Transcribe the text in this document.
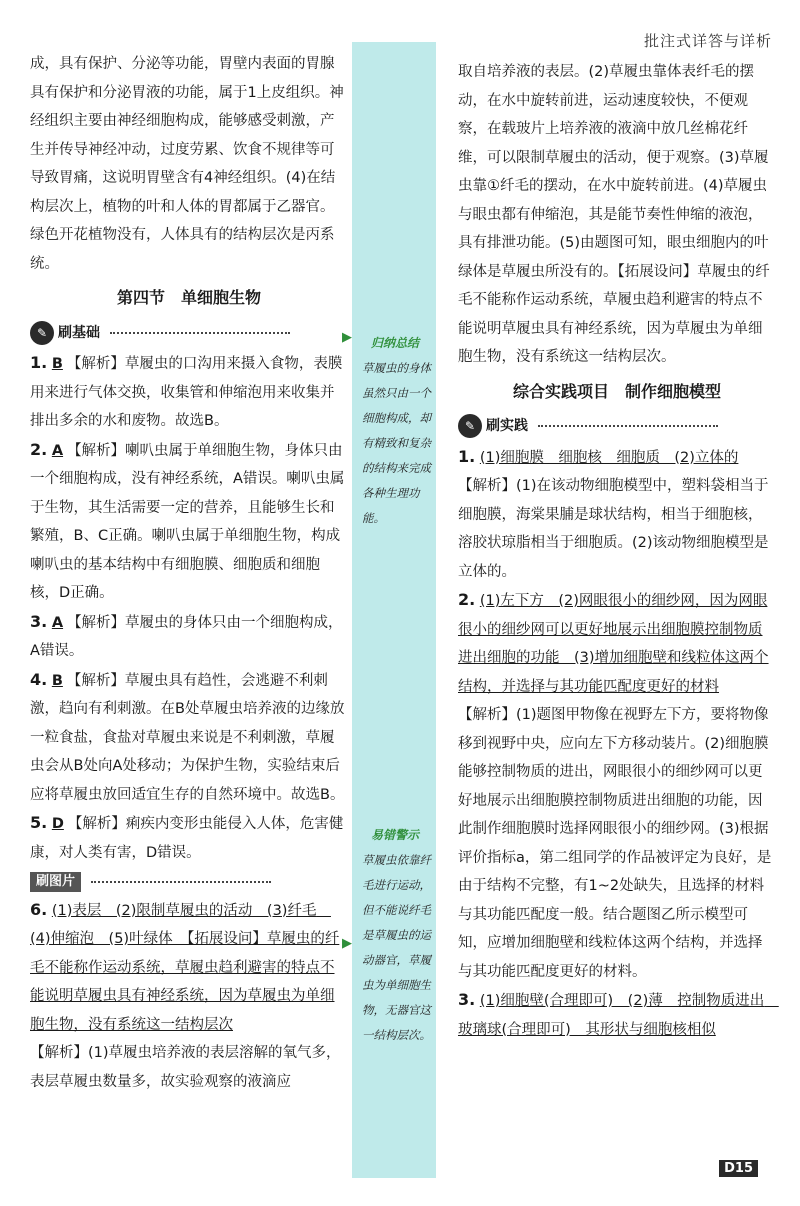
批注式详答与详析
▶	归纳总结
草履虫的身体虽然只由一个细胞构成，却有精致和复杂的结构来完成各种生理功能。
易错警示
▶
草履虫依靠纤毛进行运动，但不能说纤毛是草履虫的运动器官，草履虫为单细胞生物，无器官这一结构层次。

成，具有保护、分泌等功能，胃壁内表面的胃腺具有保护和分泌胃液的功能，属于1上皮组织。神经组织主要由神经细胞构成，能够感受刺激，产生并传导神经冲动，过度劳累、饮食不规律等可导致胃痛，这说明胃壁含有4神经组织。(4)在结构层次上，植物的叶和人体的胃都属于乙器官。绿色开花植物没有，人体具有的结构层次是丙系统。

第四节　单细胞生物
✎ 刷基础

1. B 【解析】草履虫的口沟用来摄入食物，表膜用来进行气体交换，收集管和伸缩泡用来收集并排出多余的水和废物。故选B。

2. A 【解析】喇叭虫属于单细胞生物，身体只由一个细胞构成，没有神经系统，A错误。喇叭虫属于生物，其生活需要一定的营养，且能够生长和繁殖，B、C正确。喇叭虫属于单细胞生物，构成喇叭虫的基本结构中有细胞膜、细胞质和细胞核，D正确。

3. A 【解析】草履虫的身体只由一个细胞构成，A错误。

4. B 【解析】草履虫具有趋性，会逃避不利刺激，趋向有利刺激。在B处草履虫培养液的边缘放一粒食盐，食盐对草履虫来说是不利刺激，草履虫会从B处向A处移动；为保护生物，实验结束后应将草履虫放回适宜生存的自然环境中。故选B。

5. D 【解析】痢疾内变形虫能侵入人体，危害健康，对人类有害，D错误。

刷图片

6. (1)表层　(2)限制草履虫的活动　(3)纤毛　(4)伸缩泡　(5)叶绿体　【拓展设问】草履虫的纤毛不能称作运动系统，草履虫趋利避害的特点不能说明草履虫具有神经系统，因为草履虫为单细胞生物，没有系统这一结构层次

【解析】(1)草履虫培养液的表层溶解的氧气多，表层草履虫数量多，故实验观察的液滴应

取自培养液的表层。(2)草履虫靠体表纤毛的摆动，在水中旋转前进，运动速度较快，不便观察，在载玻片上培养液的液滴中放几丝棉花纤维，可以限制草履虫的活动，便于观察。(3)草履虫靠①纤毛的摆动，在水中旋转前进。(4)草履虫与眼虫都有伸缩泡，其是能节奏性伸缩的液泡，具有排泄功能。(5)由题图可知，眼虫细胞内的叶绿体是草履虫所没有的。【拓展设问】草履虫的纤毛不能称作运动系统，草履虫趋利避害的特点不能说明草履虫具有神经系统，因为草履虫为单细胞生物，没有系统这一结构层次。

综合实践项目　制作细胞模型
✎ 刷实践

1. (1)细胞膜　细胞核　细胞质　(2)立体的

【解析】(1)在该动物细胞模型中，塑料袋相当于细胞膜，海棠果脯是球状结构，相当于细胞核，溶胶状琼脂相当于细胞质。(2)该动物细胞模型是立体的。

2. (1)左下方　(2)网眼很小的细纱网，因为网眼很小的细纱网可以更好地展示出细胞膜控制物质进出细胞的功能　(3)增加细胞壁和线粒体这两个结构，并选择与其功能匹配度更好的材料

【解析】(1)题图甲物像在视野左下方，要将物像移到视野中央，应向左下方移动装片。(2)细胞膜能够控制物质的进出，网眼很小的细纱网可以更好地展示出细胞膜控制物质进出细胞的功能，因此制作细胞膜时选择网眼很小的细纱网。(3)根据评价指标a，第二组同学的作品被评定为良好，是由于结构不完整，有1~2处缺失，且选择的材料与其功能匹配度一般。结合题图乙所示模型可知，应增加细胞壁和线粒体这两个结构，并选择与其功能匹配度更好的材料。

3. (1)细胞壁(合理即可)　(2)薄　控制物质进出　玻璃球(合理即可)　其形状与细胞核相似

D15
